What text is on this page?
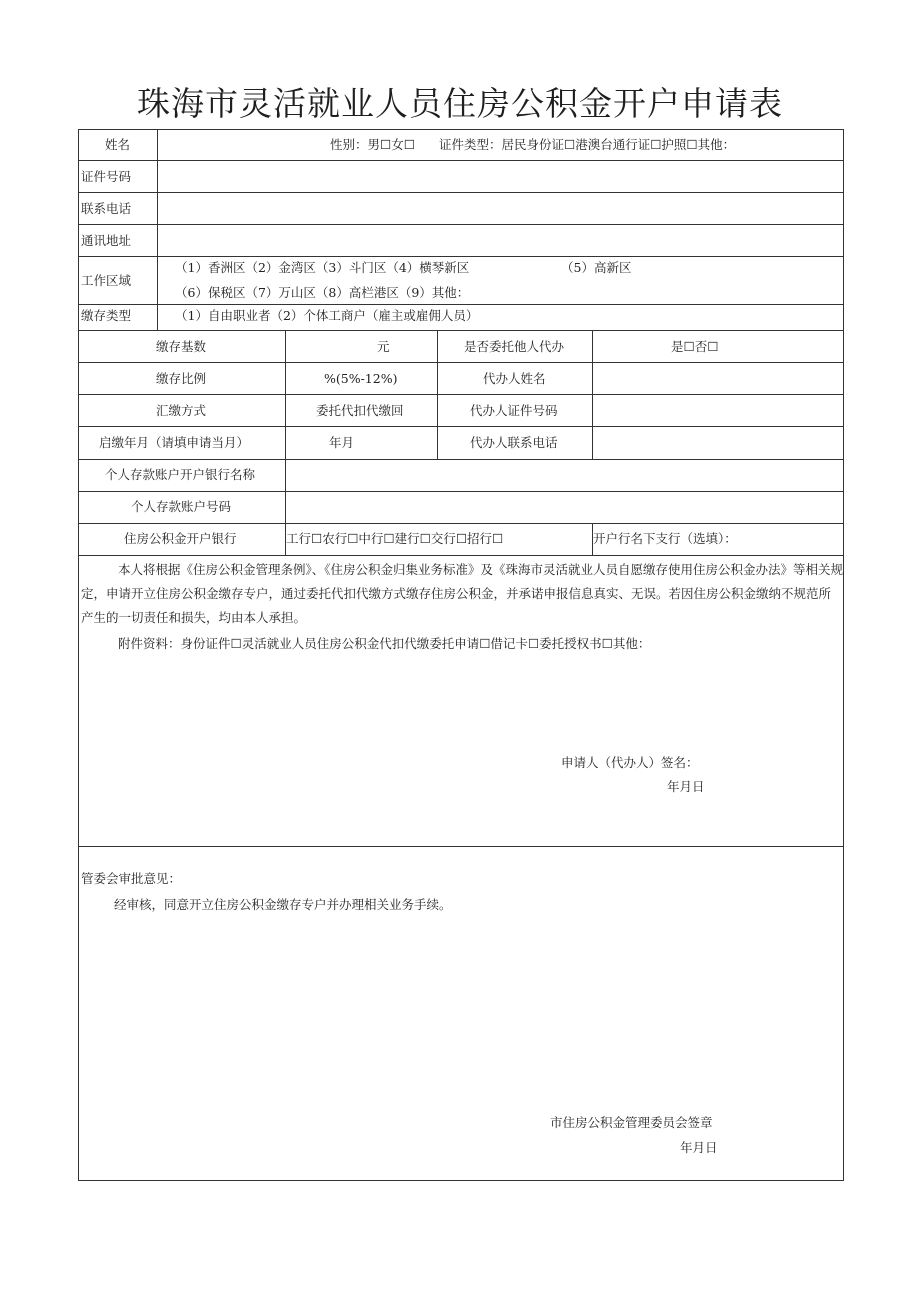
珠海市灵活就业人员住房公积金开户申请表
姓名	性别：男☐女☐ 证件类型：居民身份证☐港澳台通行证☐护照☐其他：
证件号码
联系电话
通讯地址
工作区域
（1）香洲区（2）金湾区（3）斗门区（4）横琴新区	（5）高新区
（6）保税区（7）万山区（8）高栏港区（9）其他：
缴存类型	（1）自由职业者（2）个体工商户（雇主或雇佣人员）
缴存基数	元	是否委托他人代办	是☐否☐
缴存比例	%(5%-12%)	代办人姓名
汇缴方式	委托代扣代缴回	代办人证件号码
启缴年月（请填申请当月）	年月	代办人联系电话
个人存款账户开户银行名称
个人存款账户号码
住房公积金开户银行	工行☐农行☐中行☐建行☐交行☐招行☐	开户行名下支行（选填）：
本人将根据《住房公积金管理条例》、《住房公积金归集业务标准》及《珠海市灵活就业人员自愿缴存使用住房公积金办法》等相关规定，申请开立住房公积金缴存专户，通过委托代扣代缴方式缴存住房公积金，并承诺申报信息真实、无误。若因住房公积金缴纳不规范所产生的一切责任和损失，均由本人承担。
附件资料：身份证件☐灵活就业人员住房公积金代扣代缴委托申请☐借记卡☐委托授权书☐其他：
申请人（代办人）签名：
年月日
管委会审批意见：
经审核，同意开立住房公积金缴存专户并办理相关业务手续。
市住房公积金管理委员会签章
年月日
